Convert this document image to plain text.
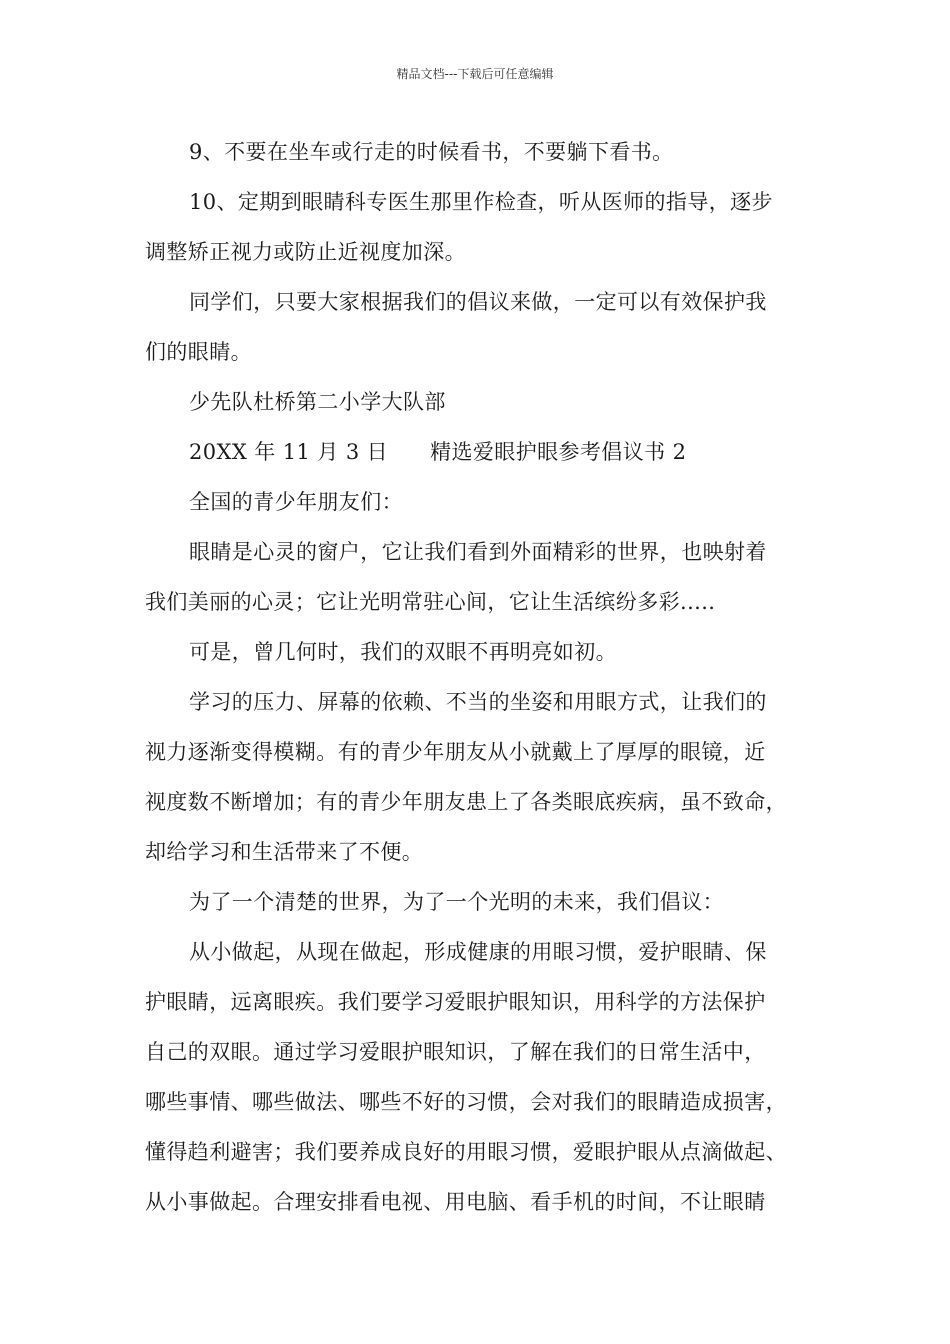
精品文档---下载后可任意编辑
9、不要在坐车或行走的时候看书，不要躺下看书。
10、定期到眼睛科专医生那里作检查，听从医师的指导，逐步
调整矫正视力或防止近视度加深。
同学们，只要大家根据我们的倡议来做，一定可以有效保护我
们的眼睛。
少先队杜桥第二小学大队部
20XX 年 11 月 3 日 精选爱眼护眼参考倡议书 2
全国的青少年朋友们：
眼睛是心灵的窗户，它让我们看到外面精彩的世界，也映射着
我们美丽的心灵；它让光明常驻心间，它让生活缤纷多彩.....
可是，曾几何时，我们的双眼不再明亮如初。
学习的压力、屏幕的依赖、不当的坐姿和用眼方式，让我们的
视力逐渐变得模糊。有的青少年朋友从小就戴上了厚厚的眼镜，近
视度数不断增加；有的青少年朋友患上了各类眼底疾病，虽不致命，
却给学习和生活带来了不便。
为了一个清楚的世界，为了一个光明的未来，我们倡议：
从小做起，从现在做起，形成健康的用眼习惯，爱护眼睛、保
护眼睛，远离眼疾。我们要学习爱眼护眼知识，用科学的方法保护
自己的双眼。通过学习爱眼护眼知识，了解在我们的日常生活中，
哪些事情、哪些做法、哪些不好的习惯，会对我们的眼睛造成损害，
懂得趋利避害；我们要养成良好的用眼习惯，爱眼护眼从点滴做起、
从小事做起。合理安排看电视、用电脑、看手机的时间，不让眼睛
